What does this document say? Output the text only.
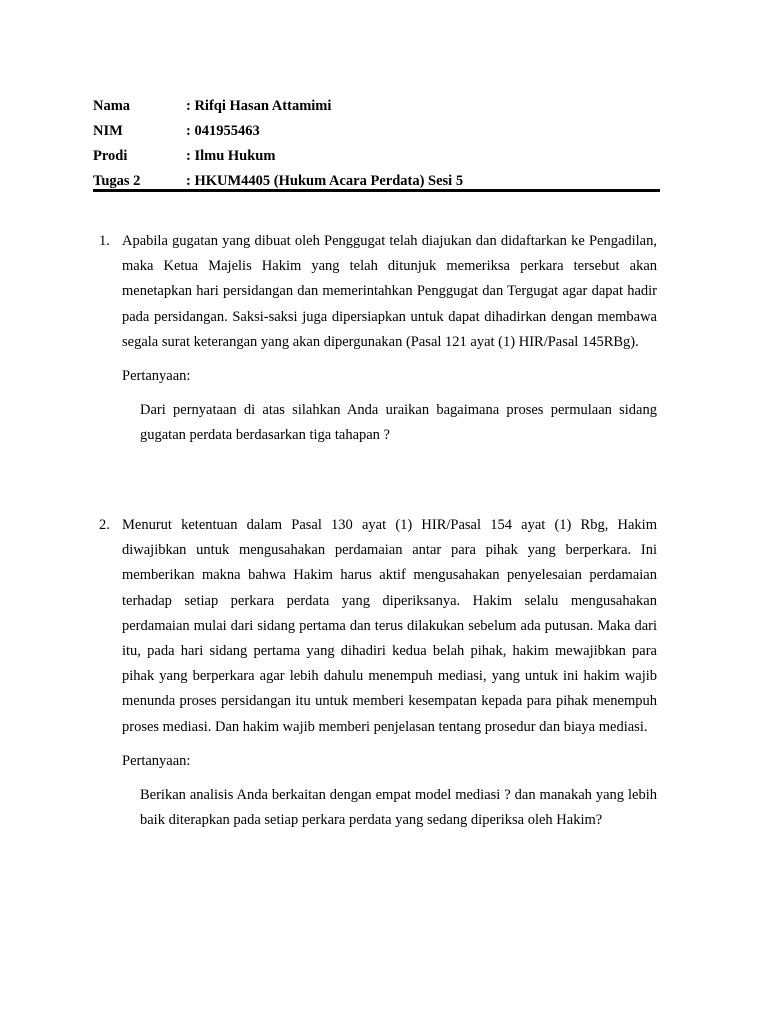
Nama	: Rifqi Hasan Attamimi
NIM	: 041955463
Prodi	: Ilmu Hukum
Tugas 2	: HKUM4405 (Hukum Acara Perdata) Sesi 5
1. Apabila gugatan yang dibuat oleh Penggugat telah diajukan dan didaftarkan ke Pengadilan, maka Ketua Majelis Hakim yang telah ditunjuk memeriksa perkara tersebut akan menetapkan hari persidangan dan memerintahkan Penggugat dan Tergugat agar dapat hadir pada persidangan. Saksi-saksi juga dipersiapkan untuk dapat dihadirkan dengan membawa segala surat keterangan yang akan dipergunakan (Pasal 121 ayat (1) HIR/Pasal 145RBg).
Pertanyaan:
Dari pernyataan di atas silahkan Anda uraikan bagaimana proses permulaan sidang gugatan perdata berdasarkan tiga tahapan ?
2. Menurut ketentuan dalam Pasal 130 ayat (1) HIR/Pasal 154 ayat (1) Rbg, Hakim diwajibkan untuk mengusahakan perdamaian antar para pihak yang berperkara. Ini memberikan makna bahwa Hakim harus aktif mengusahakan penyelesaian perdamaian terhadap setiap perkara perdata yang diperiksanya. Hakim selalu mengusahakan perdamaian mulai dari sidang pertama dan terus dilakukan sebelum ada putusan. Maka dari itu, pada hari sidang pertama yang dihadiri kedua belah pihak, hakim mewajibkan para pihak yang berperkara agar lebih dahulu menempuh mediasi, yang untuk ini hakim wajib menunda proses persidangan itu untuk memberi kesempatan kepada para pihak menempuh proses mediasi. Dan hakim wajib memberi penjelasan tentang prosedur dan biaya mediasi.
Pertanyaan:
Berikan analisis Anda berkaitan dengan empat model mediasi ? dan manakah yang lebih baik diterapkan pada setiap perkara perdata yang sedang diperiksa oleh Hakim?
